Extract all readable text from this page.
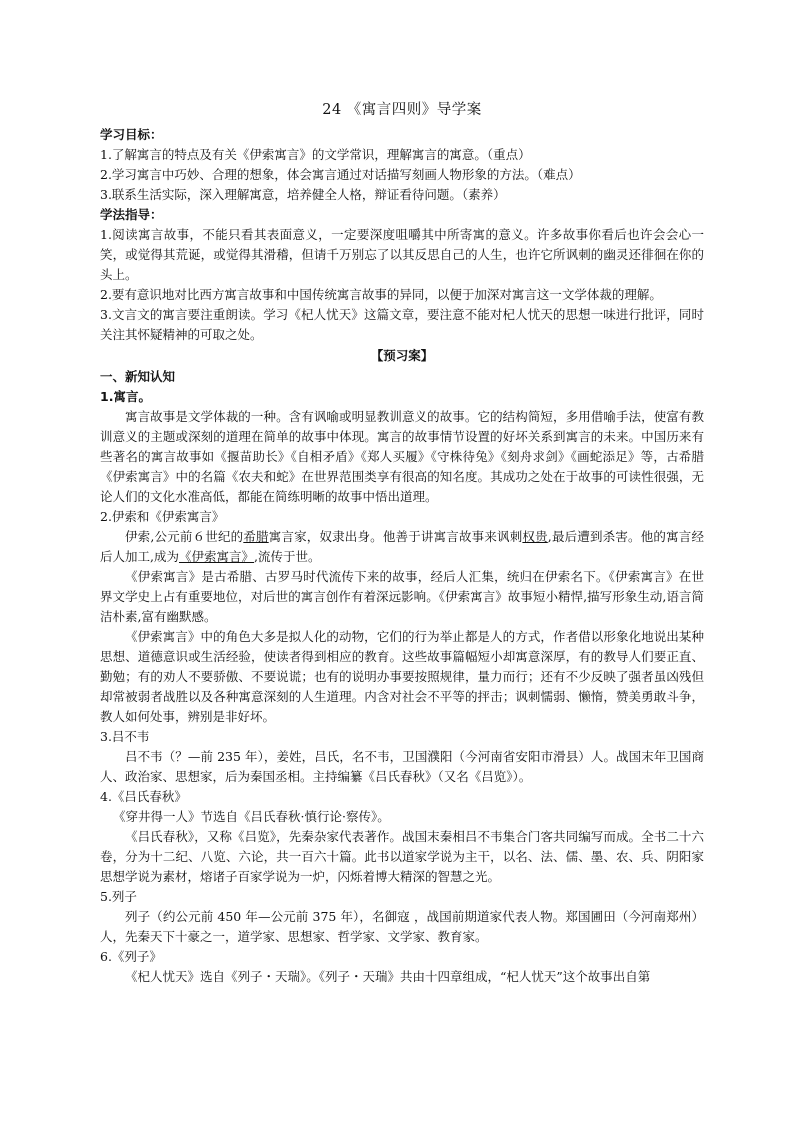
24 《寓言四则》导学案

学习目标：

1.了解寓言的特点及有关《伊索寓言》的文学常识，理解寓言的寓意。（重点）

2.学习寓言中巧妙、合理的想象，体会寓言通过对话描写刻画人物形象的方法。（难点）

3.联系生活实际，深入理解寓意，培养健全人格，辩证看待问题。（素养）

学法指导：

1.阅读寓言故事，不能只看其表面意义，一定要深度咀嚼其中所寄寓的意义。许多故事你看后也许会会心一笑，或觉得其荒诞，或觉得其滑稽，但请千万别忘了以其反思自己的人生，也许它所讽刺的幽灵还徘徊在你的头上。

2.要有意识地对比西方寓言故事和中国传统寓言故事的异同，以便于加深对寓言这一文学体裁的理解。

3.文言文的寓言要注重朗读。学习《杞人忧天》这篇文章，要注意不能对杞人忧天的思想一味进行批评，同时关注其怀疑精神的可取之处。

【预习案】

一、新知认知

1.寓言。

寓言故事是文学体裁的一种。含有讽喻或明显教训意义的故事。它的结构简短，多用借喻手法，使富有教训意义的主题或深刻的道理在简单的故事中体现。寓言的故事情节设置的好坏关系到寓言的未来。中国历来有些著名的寓言故事如《揠苗助长》《自相矛盾》《郑人买履》《守株待兔》《刻舟求剑》《画蛇添足》等，古希腊《伊索寓言》中的名篇《农夫和蛇》在世界范围类享有很高的知名度。其成功之处在于故事的可读性很强，无论人们的文化水准高低，都能在简练明晰的故事中悟出道理。

2.伊索和《伊索寓言》

伊索,公元前６世纪的希腊寓言家，奴隶出身。他善于讲寓言故事来讽刺权贵,最后遭到杀害。他的寓言经后人加工,成为《伊索寓言》,流传于世。

《伊索寓言》是古希腊、古罗马时代流传下来的故事，经后人汇集，统归在伊索名下。《伊索寓言》在世界文学史上占有重要地位，对后世的寓言创作有着深远影响。《伊索寓言》故事短小精悍,描写形象生动,语言简洁朴素,富有幽默感。

《伊索寓言》中的角色大多是拟人化的动物，它们的行为举止都是人的方式，作者借以形象化地说出某种思想、道德意识或生活经验，使读者得到相应的教育。这些故事篇幅短小却寓意深厚，有的教导人们要正直、勤勉；有的劝人不要骄傲、不要说谎；也有的说明办事要按照规律，量力而行；还有不少反映了强者虽凶残但却常被弱者战胜以及各种寓意深刻的人生道理。内含对社会不平等的抨击；讽刺懦弱、懒惰，赞美勇敢斗争，教人如何处事，辨别是非好坏。

3.吕不韦

吕不韦（？—前 235 年），姜姓，吕氏，名不韦，卫国濮阳（今河南省安阳市滑县）人。战国末年卫国商人、政治家、思想家，后为秦国丞相。主持编纂《吕氏春秋》（又名《吕览》）。

4.《吕氏春秋》

《穿井得一人》节选自《吕氏春秋·慎行论·察传》。

《吕氏春秋》，又称《吕览》，先秦杂家代表著作。战国末秦相吕不韦集合门客共同编写而成。全书二十六卷，分为十二纪、八览、六论，共一百六十篇。此书以道家学说为主干，以名、法、儒、墨、农、兵、阴阳家思想学说为素材，熔诸子百家学说为一炉，闪烁着博大精深的智慧之光。

5.列子

列子（约公元前 450 年—公元前 375 年），名御寇 ，战国前期道家代表人物。郑国圃田（今河南郑州）人，先秦天下十豪之一，道学家、思想家、哲学家、文学家、教育家。

6.《列子》

《杞人忧天》选自《列子・天瑞》。《列子・天瑞》共由十四章组成，“杞人忧天”这个故事出自第
